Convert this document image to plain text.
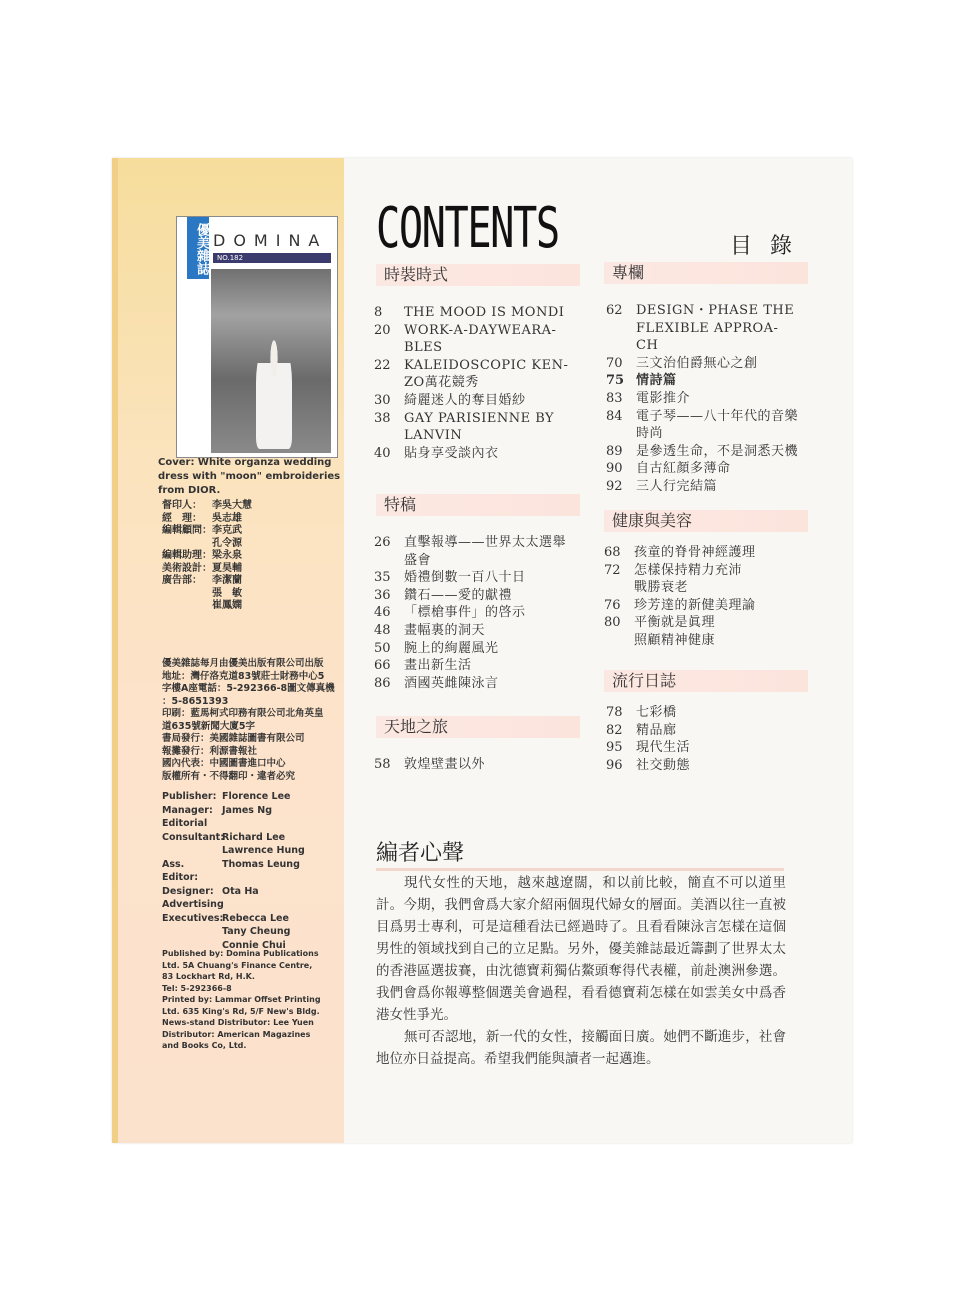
優美雜誌 DOMINA
NO.182
Cover: White organza wedding dress with "moon" embroideries from DIOR.
督印人：	李吳大慧
經　理：	吳志雄
編輯顧問： 李克武
孔令源
編輯助理： 梁永泉
美術設計： 夏昊輔
廣告部：	李潔蘭
張　敏
崔鳳嫻
優美雜誌每月由優美出版有限公司出版
地址：灣仔洛克道83號莊士財務中心5
字樓A座電話：5-292366-8圖文傳真機
：5-8651393
印刷：藍馬柯式印務有限公司北角英皇
道635號新聞大廈5字
書局發行：美國雜誌圖書有限公司
報攤發行：利源書報社
國內代表：中國圖書進口中心
版權所有・不得翻印・違者必究
Publisher: Florence Lee
Manager: James Ng
Editorial
Consultant:
Richard Lee
Lawrence Hung
Ass. Editor:
Thomas Leung
Designer: Ota Ha
Advertising
Executives:
Rebecca Lee
Tany Cheung
Connie Chui
Published by: Domina Publications
Ltd. 5A Chuang's Finance Centre,
83 Lockhart Rd, H.K.
Tel: 5-292366-8
Printed by: Lammar Offset Printing
Ltd. 635 King's Rd, 5/F New's Bldg.
News-stand Distributor: Lee Yuen
Distributor: American Magazines
and Books Co, Ltd.
CONTENTS	目錄
時裝時式
8	THE MOOD IS MONDI
20	WORK-A-DAYWEARA-
BLES
22	KALEIDOSCOPIC KEN-
ZO萬花競秀
30	綺麗迷人的奪目婚紗
38	GAY PARISIENNE BY
LANVIN
40	貼身享受談內衣
特稿
26	直擊報導——世界太太選舉
盛會
35	婚禮倒數一百八十日
36	鑽石——愛的獻禮
46	「標槍事件」的啓示
48	畫幅裏的洞天
50	腕上的絢麗風光
66	畫出新生活
86	酒國英雌陳泳言
天地之旅
58	敦煌壁畫以外
專欄
62	DESIGN・PHASE THE
FLEXIBLE APPROA-
CH
70	三文治伯爵無心之創
75 情詩篇
83	電影推介
84	電子琴——八十年代的音樂
時尚
89	是參透生命，不是洞悉天機
90	自古紅顏多薄命
92	三人行完結篇
健康與美容
68	孩童的脊骨神經護理
72	怎樣保持精力充沛
戰勝衰老
76	珍芳達的新健美理論
80	平衡就是眞理
照顧精神健康
流行日誌
78	七彩橋
82	精品廊
95	現代生活
96	社交動態
編者心聲

現代女性的天地，越來越遼闊，和以前比較，簡直不可以道里計。今期，我們會爲大家介紹兩個現代婦女的層面。美酒以往一直被目爲男士專利，可是這種看法已經過時了。且看看陳泳言怎樣在這個男性的領域找到自己的立足點。另外，優美雜誌最近籌劃了世界太太的香港區選拔賽，由沈德寶莉獨佔鰲頭奪得代表權，前赴澳洲參選。我們會爲你報導整個選美會過程，看看德寶莉怎樣在如雲美女中爲香港女性爭光。

無可否認地，新一代的女性，接觸面日廣。她們不斷進步，社會地位亦日益提高。希望我們能與讀者一起邁進。
